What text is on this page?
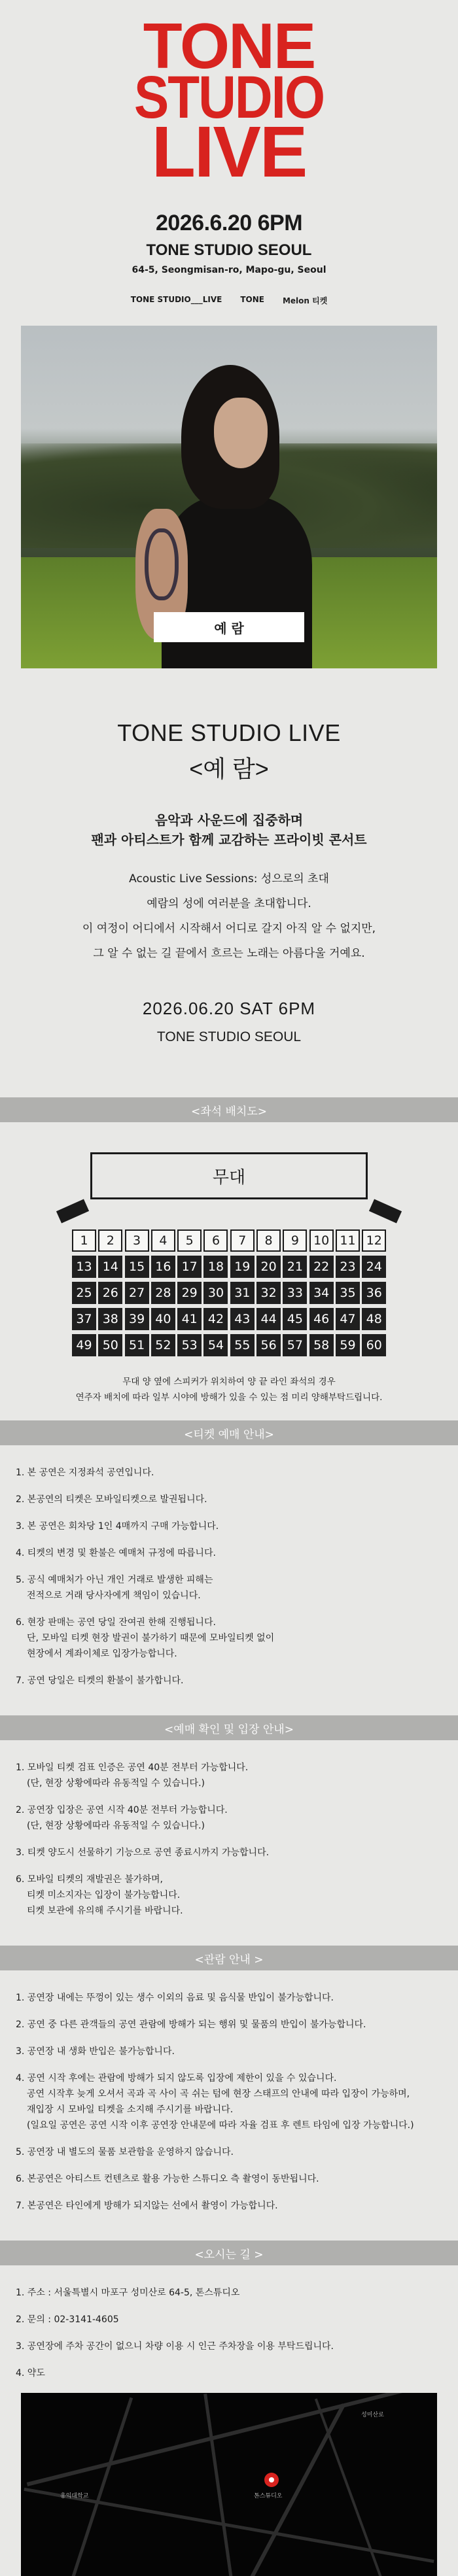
TONE
STUDIO
LIVE
2026.6.20 6PM
TONE STUDIO SEOUL
64-5, Seongmisan-ro, Mapo-gu, Seoul
TONE STUDIO___LIVE TONE Melon 티켓
예 람
TONE STUDIO LIVE
<예 람>
음악과 사운드에 집중하며
팬과 아티스트가 함께 교감하는 프라이빗 콘서트
Acoustic Live Sessions: 성으로의 초대
예람의 성에 여러분을 초대합니다.
이 여정이 어디에서 시작해서 어디로 갈지 아직 알 수 없지만,
그 알 수 없는 길 끝에서 흐르는 노래는 아름다울 거예요.
2026.06.20 SAT 6PM
TONE STUDIO SEOUL
<좌석 배치도>
무대
1	2	3	4	5	6	7	8	9	10 11 12
13 14 15 16 17 18 19 20 21 22 23 24
25 26 27 28 29 30 31 32 33 34 35 36
37 38 39 40 41 42 43 44 45 46 47 48
49 50 51 52 53 54 55 56 57 58 59 60
무대 양 옆에 스피커가 위치하여 양 끝 라인 좌석의 경우
연주자 배치에 따라 일부 시야에 방해가 있을 수 있는 점 미리 양해부탁드립니다.
<티켓 예매 안내>
1. 본 공연은 지정좌석 공연입니다.
2. 본공연의 티켓은 모바일티켓으로 발권됩니다.
3. 본 공연은 회차당 1인 4매까지 구매 가능합니다.
4. 티켓의 변경 및 환불은 예매처 규정에 따릅니다.
5. 공식 예매처가 아닌 개인 거래로 발생한 피해는
전적으로 거래 당사자에게 책임이 있습니다.
6. 현장 판매는 공연 당일 잔여권 한해 진행됩니다.
단, 모바일 티켓 현장 발권이 불가하기 때문에 모바일티켓 없이
현장에서 계좌이체로 입장가능합니다.
7. 공연 당일은 티켓의 환불이 불가합니다.
<예매 확인 및 입장 안내>
1. 모바일 티켓 검표 인증은 공연 40분 전부터 가능합니다.
(단, 현장 상황에따라 유동적일 수 있습니다.)
2. 공연장 입장은 공연 시작 40분 전부터 가능합니다.
(단, 현장 상황에따라 유동적일 수 있습니다.)
3. 티켓 양도시 선물하기 기능으로 공연 종료시까지 가능합니다.
6. 모바일 티켓의 재발권은 불가하며,
티켓 미소지자는 입장이 불가능합니다.
티켓 보관에 유의해 주시기를 바랍니다.
<관람 안내 >
1. 공연장 내에는 뚜껑이 있는 생수 이외의 음료 및 음식물 반입이 불가능합니다.
2. 공연 중 다른 관객들의 공연 관람에 방해가 되는 행위 및 물품의 반입이 불가능합니다.
3. 공연장 내 생화 반입은 불가능합니다.
4. 공연 시작 후에는 관람에 방해가 되지 않도록 입장에 제한이 있을 수 있습니다.
공연 시작후 늦게 오셔서 곡과 곡 사이 곡 쉬는 텀에 현장 스태프의 안내에 따라 입장이 가능하며,
재입장 시 모바일 티켓을 소지해 주시기를 바랍니다.
(일요일 공연은 공연 시작 이후 공연장 안내문에 따라 자율 검표 후 렌트 타임에 입장 가능합니다.)
5. 공연장 내 별도의 물품 보관함을 운영하지 않습니다.
6. 본공연은 아티스트 컨텐츠로 활용 가능한 스튜디오 측 촬영이 동반됩니다.
7. 본공연은 타인에게 방해가 되지않는 선에서 촬영이 가능합니다.
<오시는 길 >
1. 주소 : 서울특별시 마포구 성미산로 64-5, 톤스튜디오
2. 문의 : 02-3141-4605
3. 공연장에 주차 공간이 없으니 차량 이용 시 인근 주차장을 이용 부탁드립니다.
4. 약도
성미산로
홍익대학교	톤스튜디오
